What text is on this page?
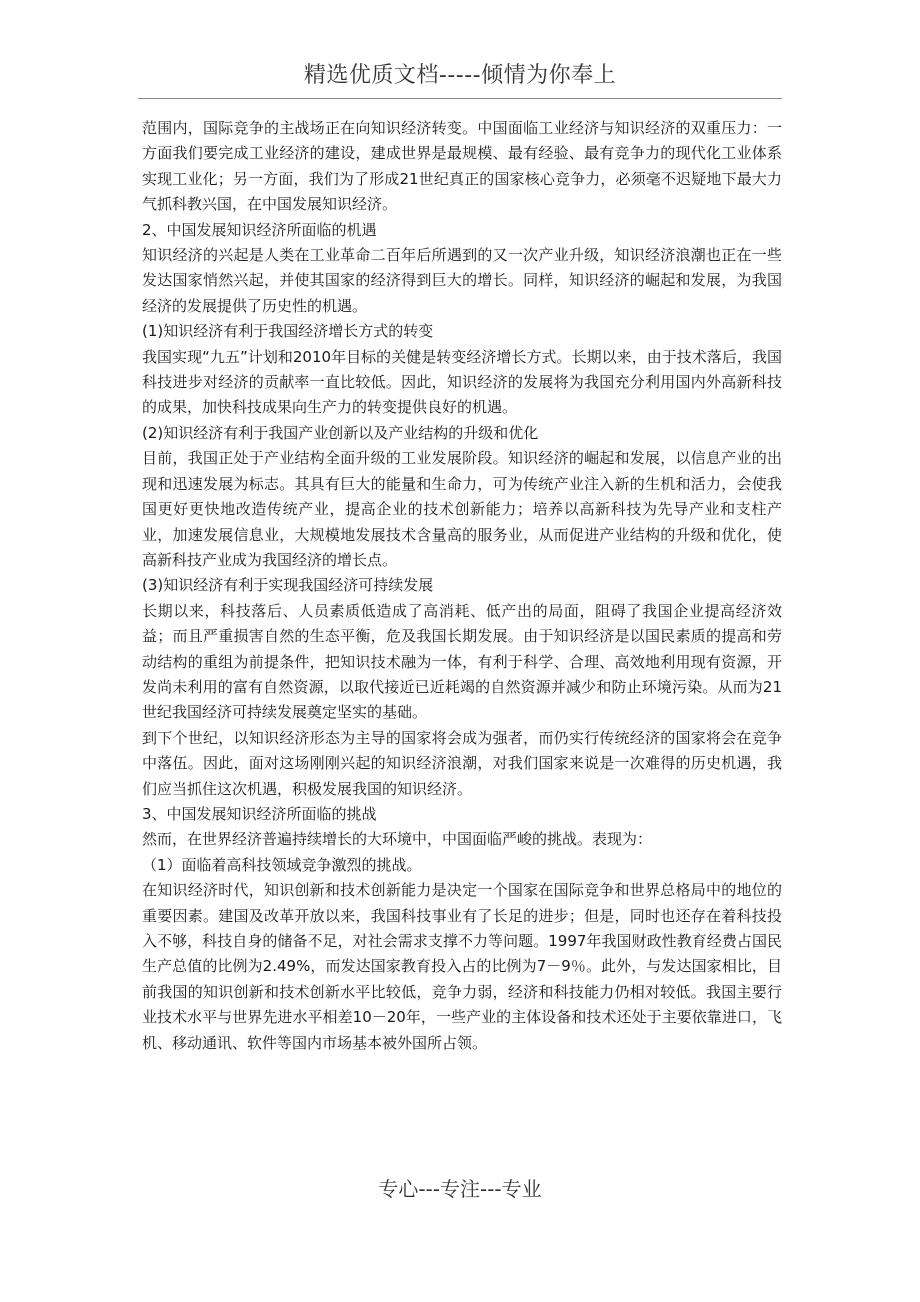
精选优质文档-----倾情为你奉上

范围内，国际竞争的主战场正在向知识经济转变。中国面临工业经济与知识经济的双重压力：一方面我们要完成工业经济的建设，建成世界是最规模、最有经验、最有竞争力的现代化工业体系实现工业化；另一方面，我们为了形成21世纪真正的国家核心竞争力，必须毫不迟疑地下最大力气抓科教兴国，在中国发展知识经济。

2、中国发展知识经济所面临的机遇

知识经济的兴起是人类在工业革命二百年后所遇到的又一次产业升级，知识经济浪潮也正在一些发达国家悄然兴起，并使其国家的经济得到巨大的增长。同样，知识经济的崛起和发展，为我国经济的发展提供了历史性的机遇。

(1)知识经济有利于我国经济增长方式的转变

我国实现“九五”计划和2010年目标的关健是转变经济增长方式。长期以来，由于技术落后，我国科技进步对经济的贡献率一直比较低。因此，知识经济的发展将为我国充分利用国内外高新科技的成果，加快科技成果向生产力的转变提供良好的机遇。

(2)知识经济有利于我国产业创新以及产业结构的升级和优化

目前，我国正处于产业结构全面升级的工业发展阶段。知识经济的崛起和发展，以信息产业的出现和迅速发展为标志。其具有巨大的能量和生命力，可为传统产业注入新的生机和活力，会使我国更好更快地改造传统产业，提高企业的技术创新能力；培养以高新科技为先导产业和支柱产业，加速发展信息业，大规模地发展技术含量高的服务业，从而促进产业结构的升级和优化，使高新科技产业成为我国经济的增长点。

(3)知识经济有利于实现我国经济可持续发展

长期以来，科技落后、人员素质低造成了高消耗、低产出的局面，阻碍了我国企业提高经济效益；而且严重损害自然的生态平衡，危及我国长期发展。由于知识经济是以国民素质的提高和劳动结构的重组为前提条件，把知识技术融为一体，有利于科学、合理、高效地利用现有资源，开发尚未利用的富有自然资源，以取代接近已近耗竭的自然资源并减少和防止环境污染。从而为21世纪我国经济可持续发展奠定坚实的基础。

到下个世纪，以知识经济形态为主导的国家将会成为强者，而仍实行传统经济的国家将会在竞争中落伍。因此，面对这场刚刚兴起的知识经济浪潮，对我们国家来说是一次难得的历史机遇，我们应当抓住这次机遇，积极发展我国的知识经济。

3、中国发展知识经济所面临的挑战

然而，在世界经济普遍持续增长的大环境中，中国面临严峻的挑战。表现为：

（1）面临着高科技领域竞争激烈的挑战。

在知识经济时代，知识创新和技术创新能力是决定一个国家在国际竞争和世界总格局中的地位的重要因素。建国及改革开放以来，我国科技事业有了长足的进步；但是，同时也还存在着科技投入不够，科技自身的储备不足，对社会需求支撑不力等问题。1997年我国财政性教育经费占国民生产总值的比例为2.49%，而发达国家教育投入占的比例为7－9％。此外，与发达国家相比，目前我国的知识创新和技术创新水平比较低，竞争力弱，经济和科技能力仍相对较低。我国主要行业技术水平与世界先进水平相差10－20年，一些产业的主体设备和技术还处于主要依靠进口，飞机、移动通讯、软件等国内市场基本被外国所占领。

专心---专注---专业
